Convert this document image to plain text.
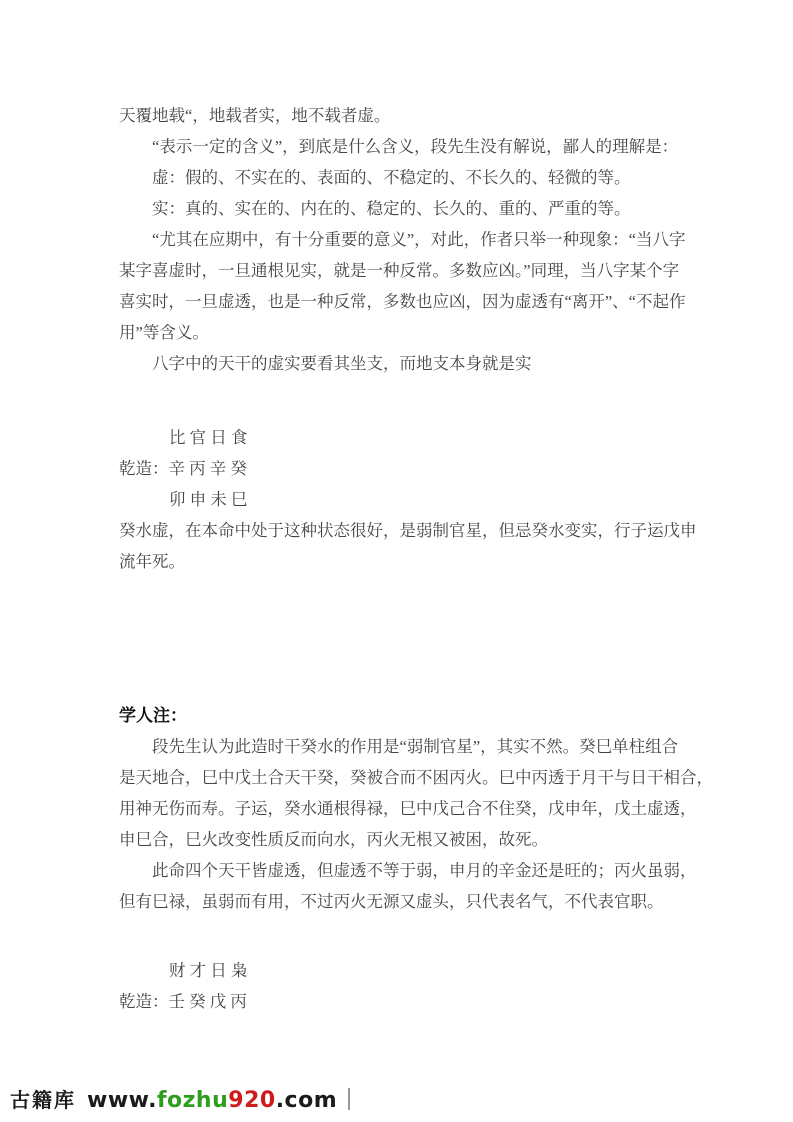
天覆地载“，地载者实，地不载者虚。
“表示一定的含义”，到底是什么含义，段先生没有解说，鄙人的理解是：
虚：假的、不实在的、表面的、不稳定的、不长久的、轻微的等。
实：真的、实在的、内在的、稳定的、长久的、重的、严重的等。
“尤其在应期中，有十分重要的意义”，对此，作者只举一种现象：“当八字
某字喜虚时，一旦通根见实，就是一种反常。多数应凶。”同理，当八字某个字
喜实时，一旦虚透，也是一种反常，多数也应凶，因为虚透有“离开”、“不起作
用”等含义。
八字中的天干的虚实要看其坐支，而地支本身就是实
比 官 日 食
乾造：辛 丙 辛 癸
卯 申 未 巳
癸水虚，在本命中处于这种状态很好，是弱制官星，但忌癸水变实，行子运戊申
流年死。
学人注：
段先生认为此造时干癸水的作用是“弱制官星”，其实不然。癸巳单柱组合
是天地合，巳中戊土合天干癸，癸被合而不困丙火。巳中丙透于月干与日干相合，
用神无伤而寿。子运，癸水通根得禄，巳中戊己合不住癸，戊申年，戊土虚透，
申巳合，巳火改变性质反而向水，丙火无根又被困，故死。
此命四个天干皆虚透，但虚透不等于弱，申月的辛金还是旺的；丙火虽弱，
但有巳禄，虽弱而有用，不过丙火无源又虚头，只代表名气，不代表官职。
财 才 日 枭
乾造：壬 癸 戊 丙
古籍库 www.fozhu920.com
